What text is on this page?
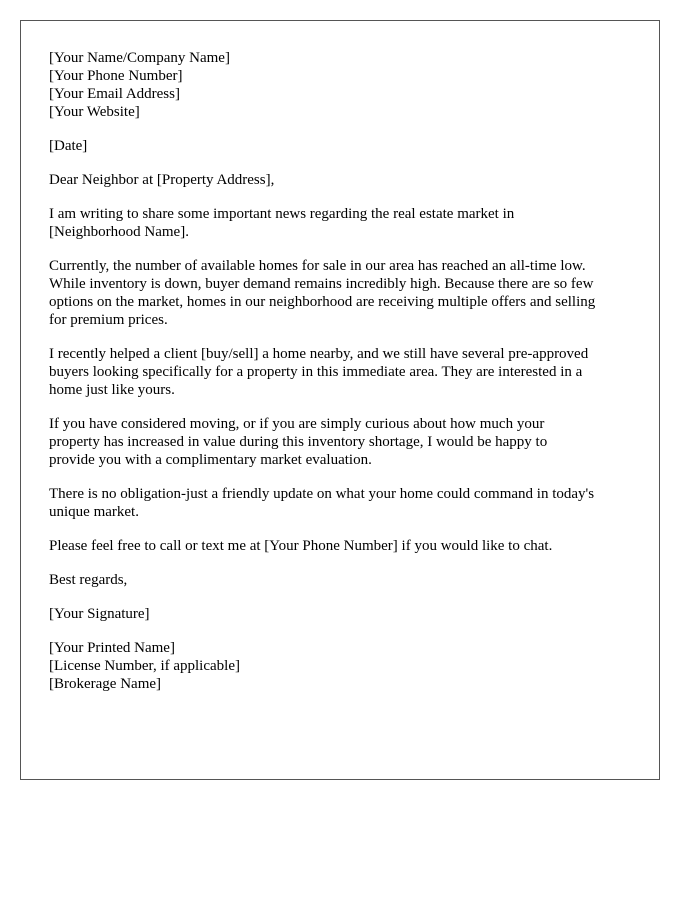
[Your Name/Company Name]
[Your Phone Number]
[Your Email Address]
[Your Website]
[Date]
Dear Neighbor at [Property Address],
I am writing to share some important news regarding the real estate market in
[Neighborhood Name].
Currently, the number of available homes for sale in our area has reached an all-time low.
While inventory is down, buyer demand remains incredibly high. Because there are so few
options on the market, homes in our neighborhood are receiving multiple offers and selling
for premium prices.
I recently helped a client [buy/sell] a home nearby, and we still have several pre-approved
buyers looking specifically for a property in this immediate area. They are interested in a
home just like yours.
If you have considered moving, or if you are simply curious about how much your
property has increased in value during this inventory shortage, I would be happy to
provide you with a complimentary market evaluation.
There is no obligation-just a friendly update on what your home could command in today's
unique market.
Please feel free to call or text me at [Your Phone Number] if you would like to chat.
Best regards,
[Your Signature]
[Your Printed Name]
[License Number, if applicable]
[Brokerage Name]
